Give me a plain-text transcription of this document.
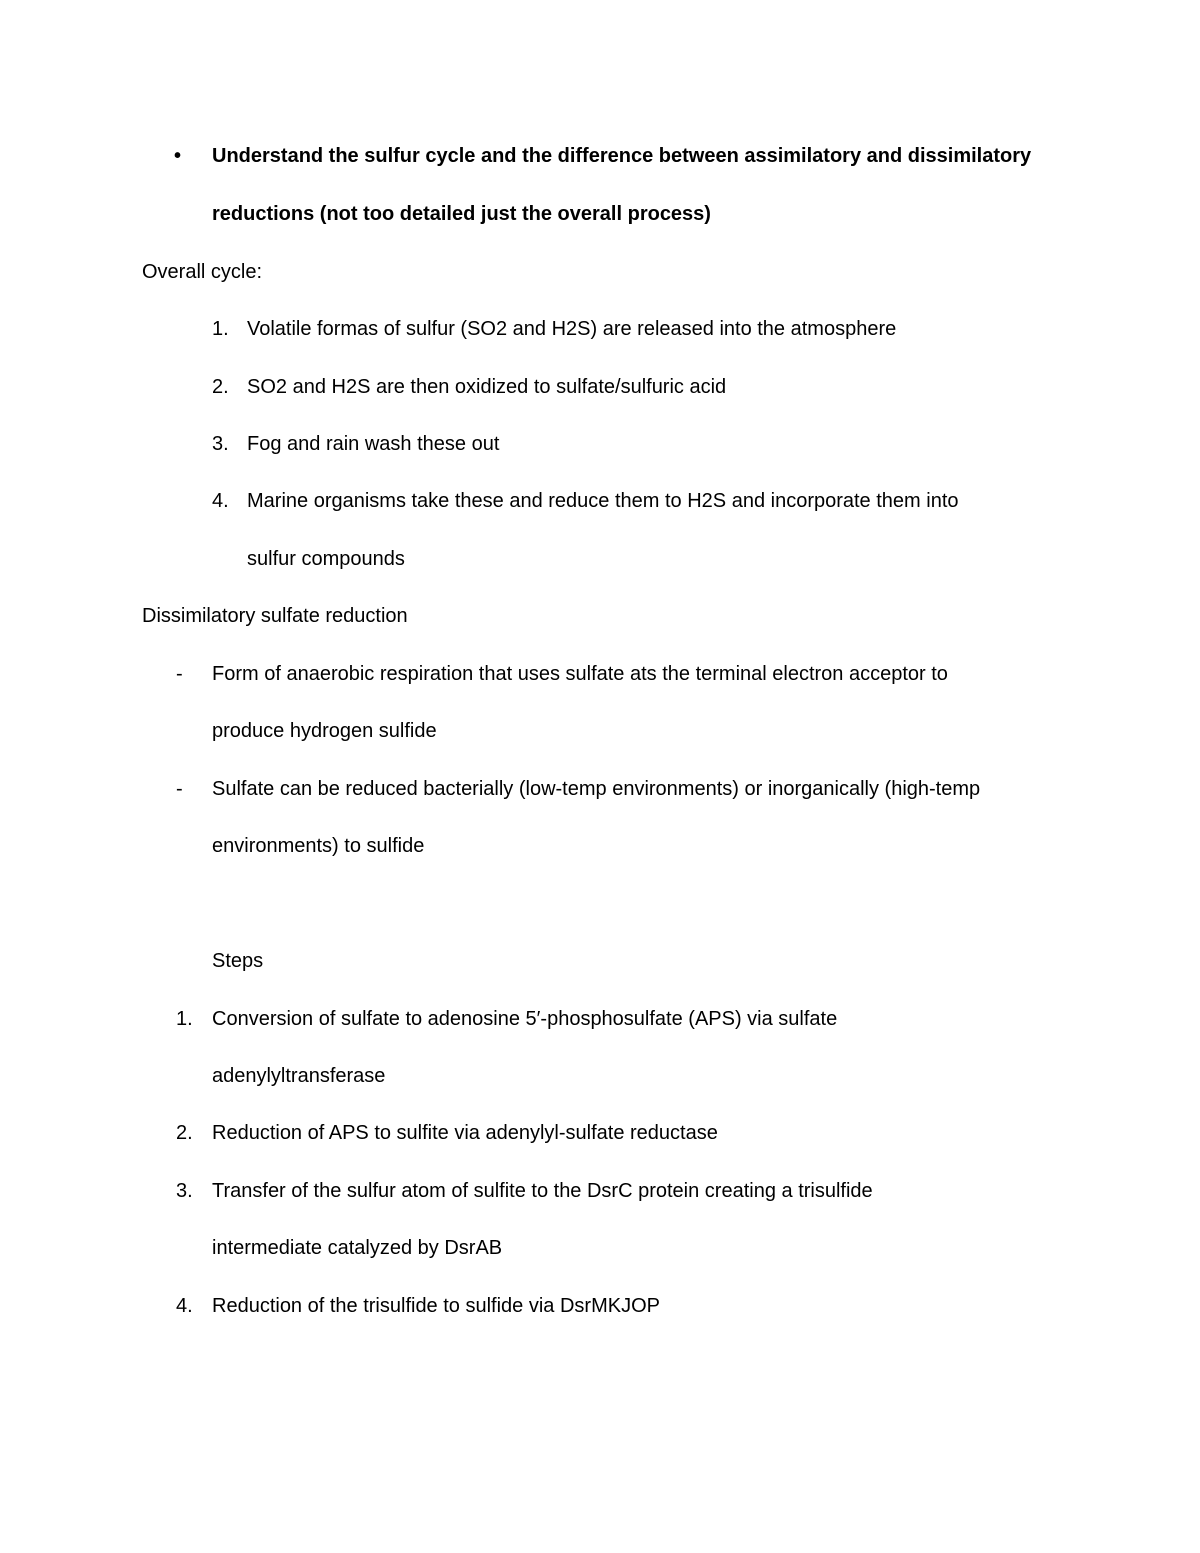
• Understand the sulfur cycle and the difference between assimilatory and dissimilatory
reductions (not too detailed just the overall process)
Overall cycle:
1. Volatile formas of sulfur (SO2 and H2S) are released into the atmosphere
2. SO2 and H2S are then oxidized to sulfate/sulfuric acid
3. Fog and rain wash these out
4. Marine organisms take these and reduce them to H2S and incorporate them into
sulfur compounds
Dissimilatory sulfate reduction
- Form of anaerobic respiration that uses sulfate ats the terminal electron acceptor to
produce hydrogen sulfide
- Sulfate can be reduced bacterially (low-temp environments) or inorganically (high-temp
environments) to sulfide
Steps
1. Conversion of sulfate to adenosine 5′-phosphosulfate (APS) via sulfate
adenylyltransferase
2. Reduction of APS to sulfite via adenylyl-sulfate reductase
3. Transfer of the sulfur atom of sulfite to the DsrC protein creating a trisulfide
intermediate catalyzed by DsrAB
4. Reduction of the trisulfide to sulfide via DsrMKJOP
